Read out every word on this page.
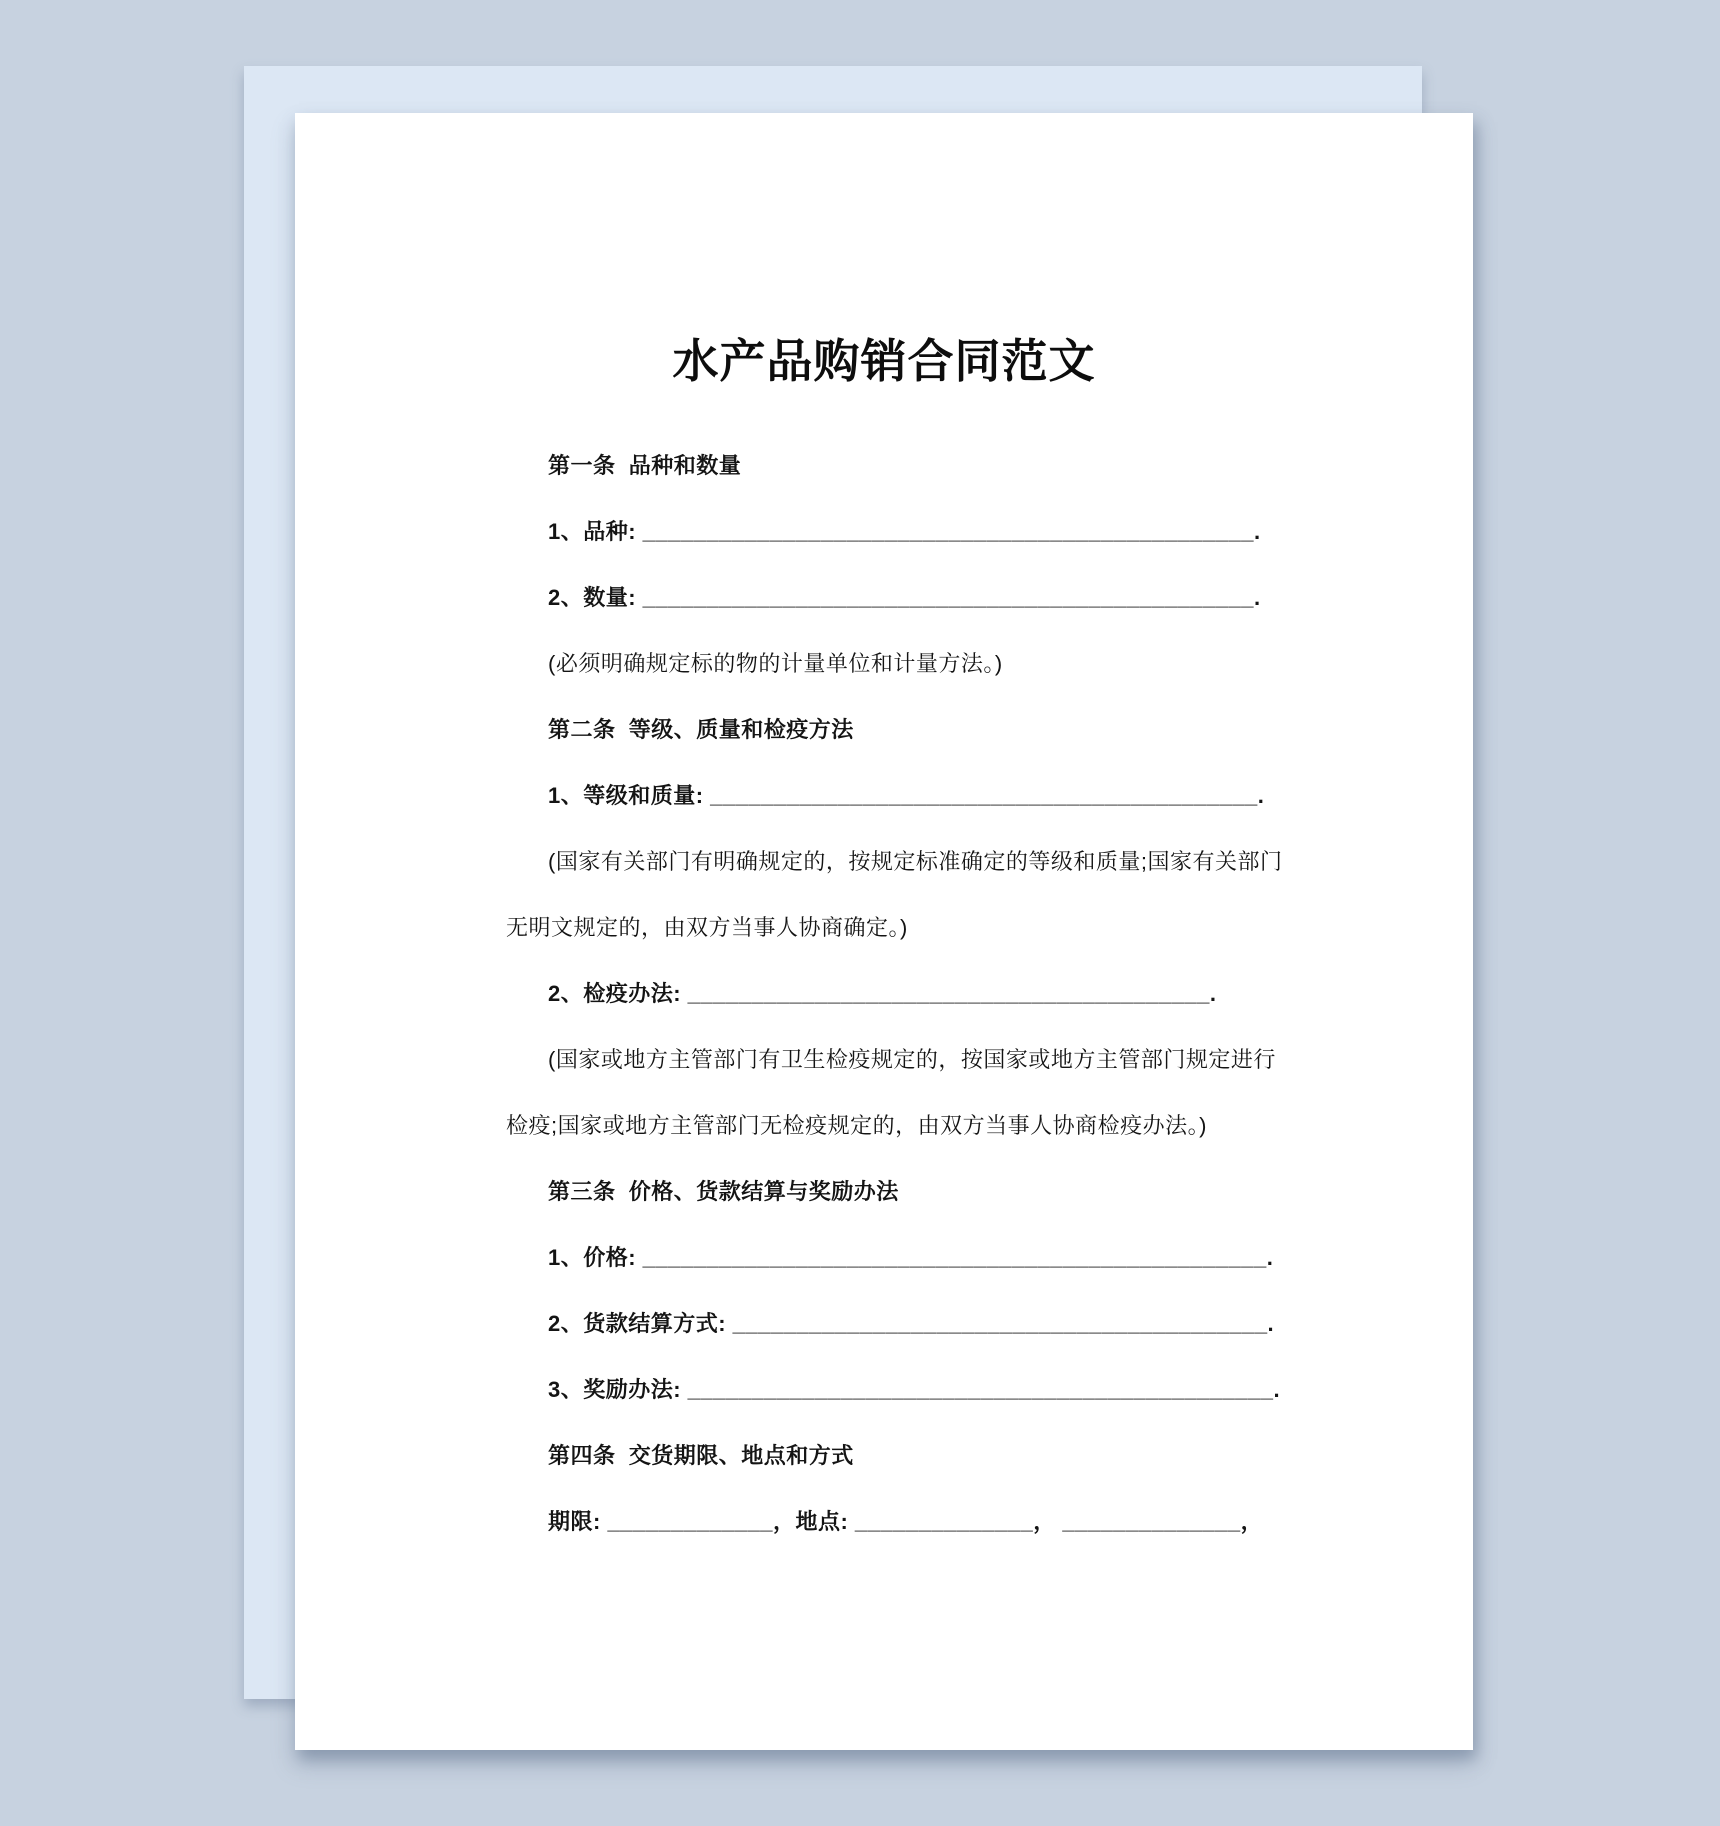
水产品购销合同范文
第一条  品种和数量
1、品种: ________________________________________________.
2、数量: ________________________________________________.
(必须明确规定标的物的计量单位和计量方法。)
第二条  等级、质量和检疫方法
1、等级和质量: ___________________________________________.
(国家有关部门有明确规定的，按规定标准确定的等级和质量;国家有关部门
无明文规定的，由双方当事人协商确定。)
2、检疫办法: _________________________________________.
(国家或地方主管部门有卫生检疫规定的，按国家或地方主管部门规定进行
检疫;国家或地方主管部门无检疫规定的，由双方当事人协商检疫办法。)
第三条  价格、货款结算与奖励办法
1、价格: _________________________________________________.
2、货款结算方式: __________________________________________.
3、奖励办法: ______________________________________________.
第四条  交货期限、地点和方式
期限: _____________，地点: ______________， ______________，
